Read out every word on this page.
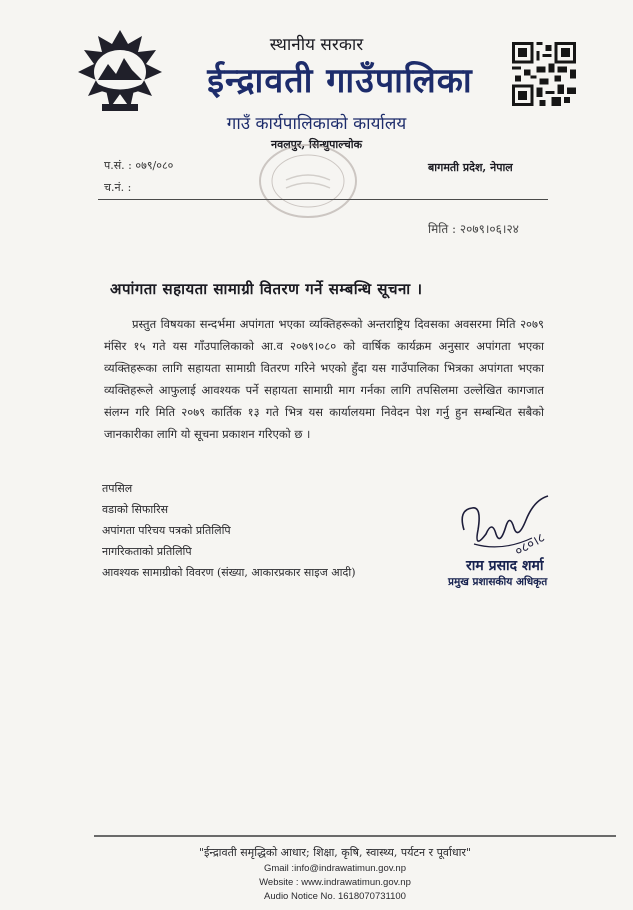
स्थानीय सरकार
ईन्द्रावती गाउँपालिका
गाउँ कार्यपालिकाको कार्यालय
नवलपुर, सिन्धुपाल्चोक
प.सं. : ०७९/०८०
च.नं. :
बागमती प्रदेश, नेपाल
मिति : २०७९।०६।२४
अपांगता सहायता सामाग्री वितरण गर्ने सम्बन्धि सूचना ।
प्रस्तुत विषयका सन्दर्भमा अपांगता भएका व्यक्तिहरूको अन्तराष्ट्रिय दिवसका अवसरमा मिति २०७९ मंसिर १५ गते यस गाँउपालिकाको आ.व २०७९।०८० को वार्षिक कार्यक्रम अनुसार अपांगता भएका व्यक्तिहरूका लागि सहायता सामाग्री वितरण गरिने भएको हुँदा यस गाउँपालिका भित्रका अपांगता भएका व्यक्तिहरूले आफुलाई आवश्यक पर्ने सहायता सामाग्री माग गर्नका लागि तपसिलमा उल्लेखित कागजात संलग्न गरि मिति २०७९ कार्तिक १३ गते भित्र यस कार्यालयमा निवेदन पेश गर्नु हुन सम्बन्धित सबैको जानकारीका लागि यो सूचना प्रकाशन गरिएको छ ।
तपसिल
वडाको सिफारिस
अपांगता परिचय पत्रको प्रतिलिपि
नागरिकताको प्रतिलिपि
आवश्यक सामाग्रीको विवरण (संख्या, आकारप्रकार साइज आदी)
०८०।८
राम प्रसाद शर्मा
प्रमुख प्रशासकीय अधिकृत
"ईन्द्रावती समृद्धिको आधार; शिक्षा, कृषि, स्वास्थ्य, पर्यटन र पूर्वाधार"
Gmail :info@indrawatimun.gov.np
Website : www.indrawatimun.gov.np
Audio Notice No. 1618070731100
